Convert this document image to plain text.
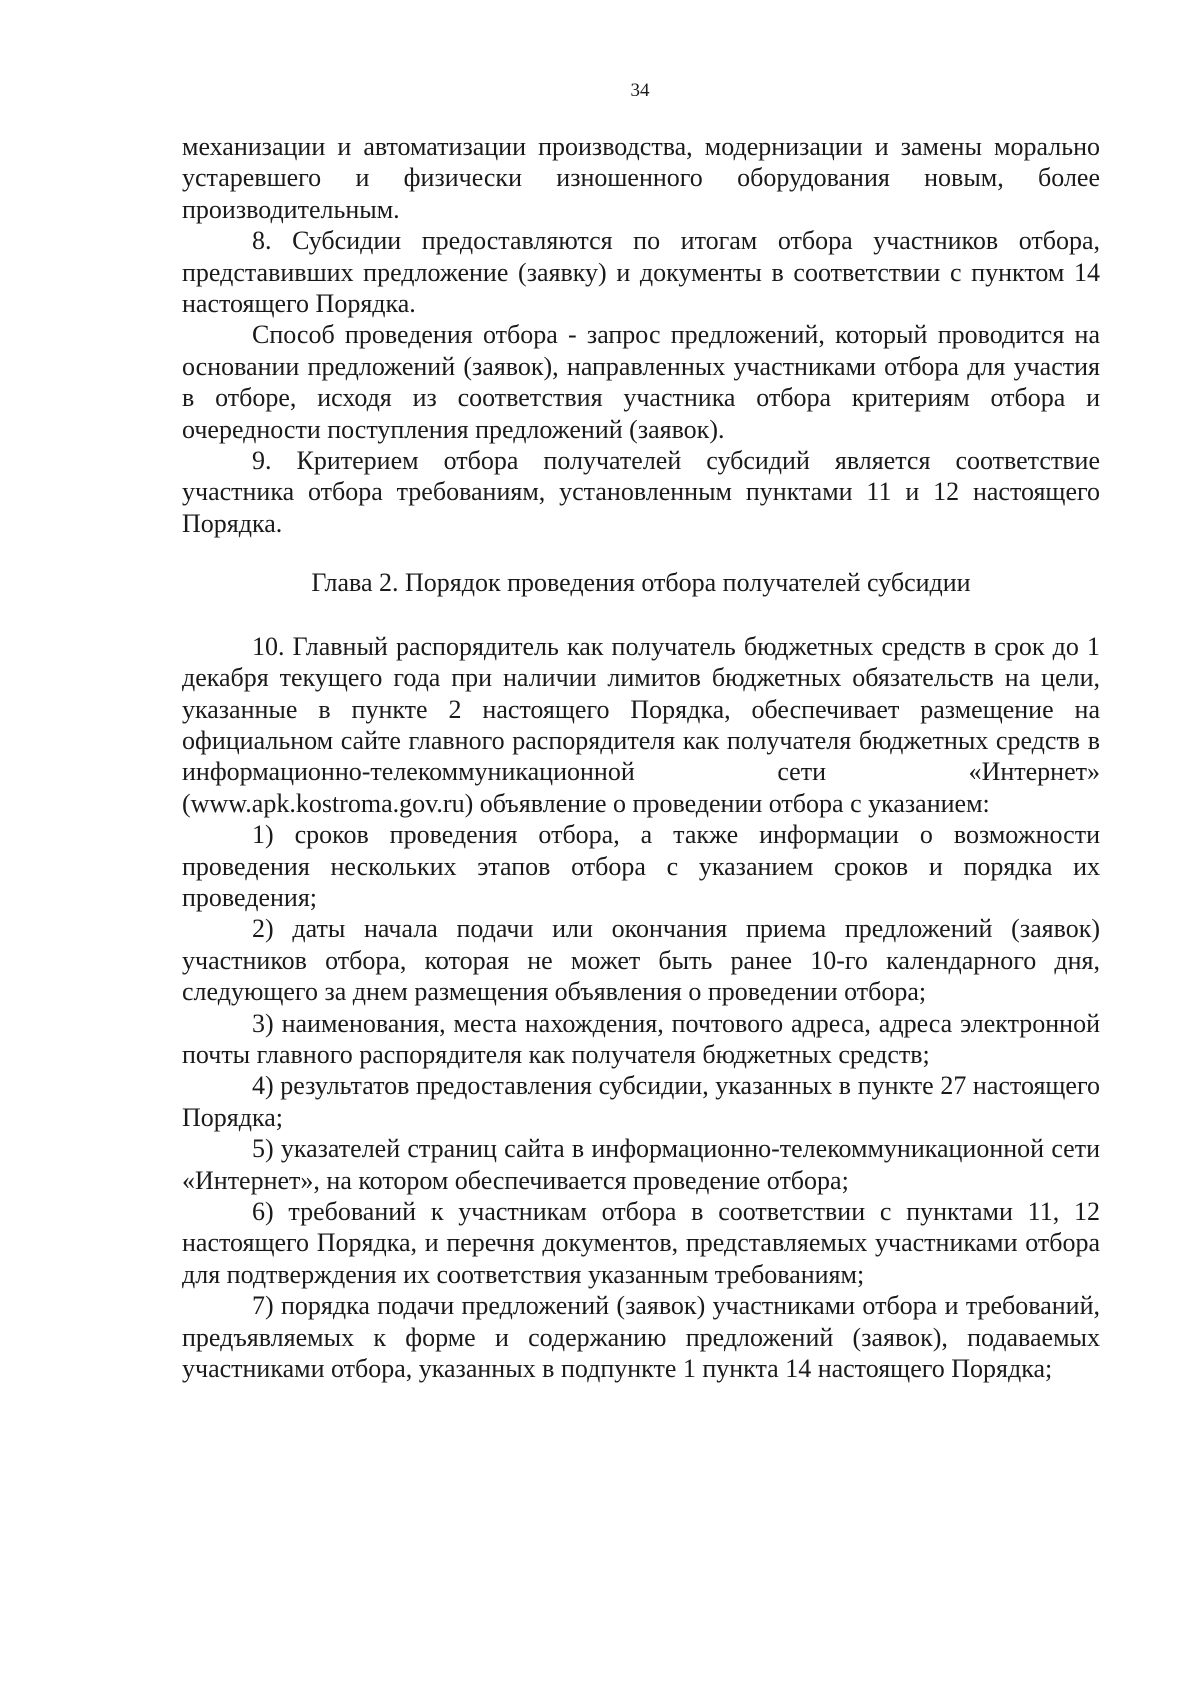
34

механизации и автоматизации производства, модернизации и замены морально устаревшего и физически изношенного оборудования новым, более производительным.

8. Субсидии предоставляются по итогам отбора участников отбора, представивших предложение (заявку) и документы в соответствии с пунктом 14 настоящего Порядка.

Способ проведения отбора - запрос предложений, который проводится на основании предложений (заявок), направленных участниками отбора для участия в отборе, исходя из соответствия участника отбора критериям отбора и очередности поступления предложений (заявок).

9. Критерием отбора получателей субсидий является соответствие участника отбора требованиям, установленным пунктами 11 и 12 настоящего Порядка.

Глава 2. Порядок проведения отбора получателей субсидии

10. Главный распорядитель как получатель бюджетных средств в срок до 1 декабря текущего года при наличии лимитов бюджетных обязательств на цели, указанные в пункте 2 настоящего Порядка, обеспечивает размещение на официальном сайте главного распорядителя как получателя бюджетных средств в информационно-телекоммуникационной сети «Интернет» (www.apk.kostroma.gov.ru) объявление о проведении отбора с указанием:

1) сроков проведения отбора, а также информации о возможности проведения нескольких этапов отбора с указанием сроков и порядка их проведения;

2) даты начала подачи или окончания приема предложений (заявок) участников отбора, которая не может быть ранее 10-го календарного дня, следующего за днем размещения объявления о проведении отбора;

3) наименования, места нахождения, почтового адреса, адреса электронной почты главного распорядителя как получателя бюджетных средств;

4) результатов предоставления субсидии, указанных в пункте 27 настоящего Порядка;

5) указателей страниц сайта в информационно-телекоммуникационной сети «Интернет», на котором обеспечивается проведение отбора;

6) требований к участникам отбора в соответствии с пунктами 11, 12 настоящего Порядка, и перечня документов, представляемых участниками отбора для подтверждения их соответствия указанным требованиям;

7) порядка подачи предложений (заявок) участниками отбора и требований, предъявляемых к форме и содержанию предложений (заявок), подаваемых участниками отбора, указанных в подпункте 1 пункта 14 настоящего Порядка;
